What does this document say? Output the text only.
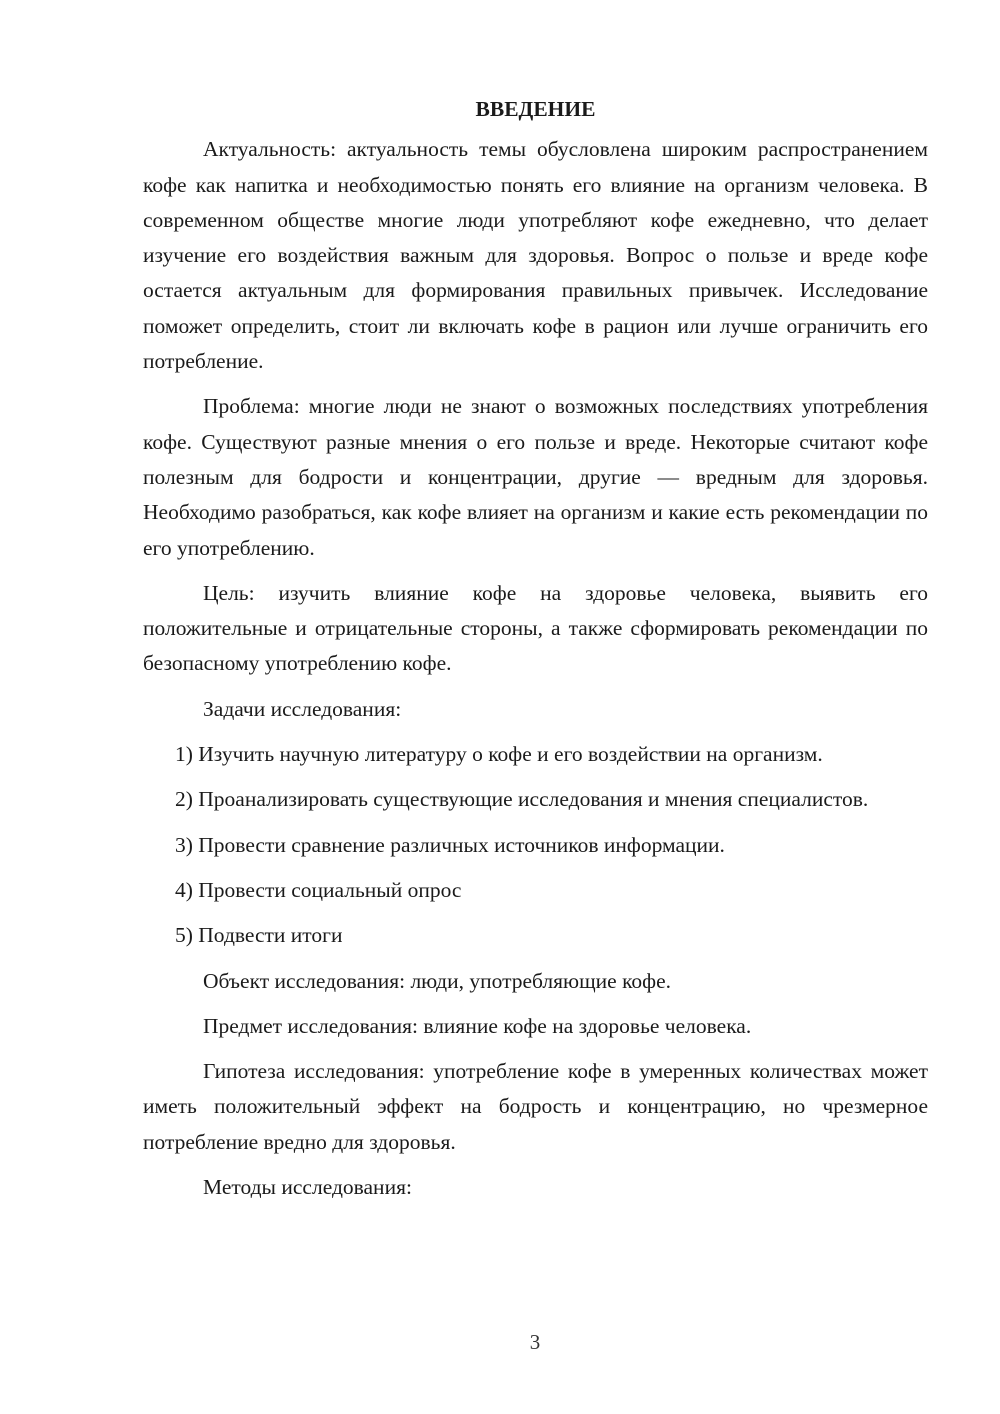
ВВЕДЕНИЕ

Актуальность: актуальность темы обусловлена широким распространением кофе как напитка и необходимостью понять его влияние на организм человека. В современном обществе многие люди употребляют кофе ежедневно, что делает изучение его воздействия важным для здоровья. Вопрос о пользе и вреде кофе остается актуальным для формирования правильных привычек. Исследование поможет определить, стоит ли включать кофе в рацион или лучше ограничить его потребление.

Проблема: многие люди не знают о возможных последствиях употребления кофе. Существуют разные мнения о его пользе и вреде. Некоторые считают кофе полезным для бодрости и концентрации, другие — вредным для здоровья. Необходимо разобраться, как кофе влияет на организм и какие есть рекомендации по его употреблению.

Цель: изучить влияние кофе на здоровье человека, выявить его положительные и отрицательные стороны, а также сформировать рекомендации по безопасному употреблению кофе.

Задачи исследования:

1) Изучить научную литературу о кофе и его воздействии на организм.

2) Проанализировать существующие исследования и мнения специалистов.

3) Провести сравнение различных источников информации.

4) Провести социальный опрос

5) Подвести итоги

Объект исследования: люди, употребляющие кофе.

Предмет исследования: влияние кофе на здоровье человека.

Гипотеза исследования: употребление кофе в умеренных количествах может иметь положительный эффект на бодрость и концентрацию, но чрезмерное потребление вредно для здоровья.

Методы исследования:

3
